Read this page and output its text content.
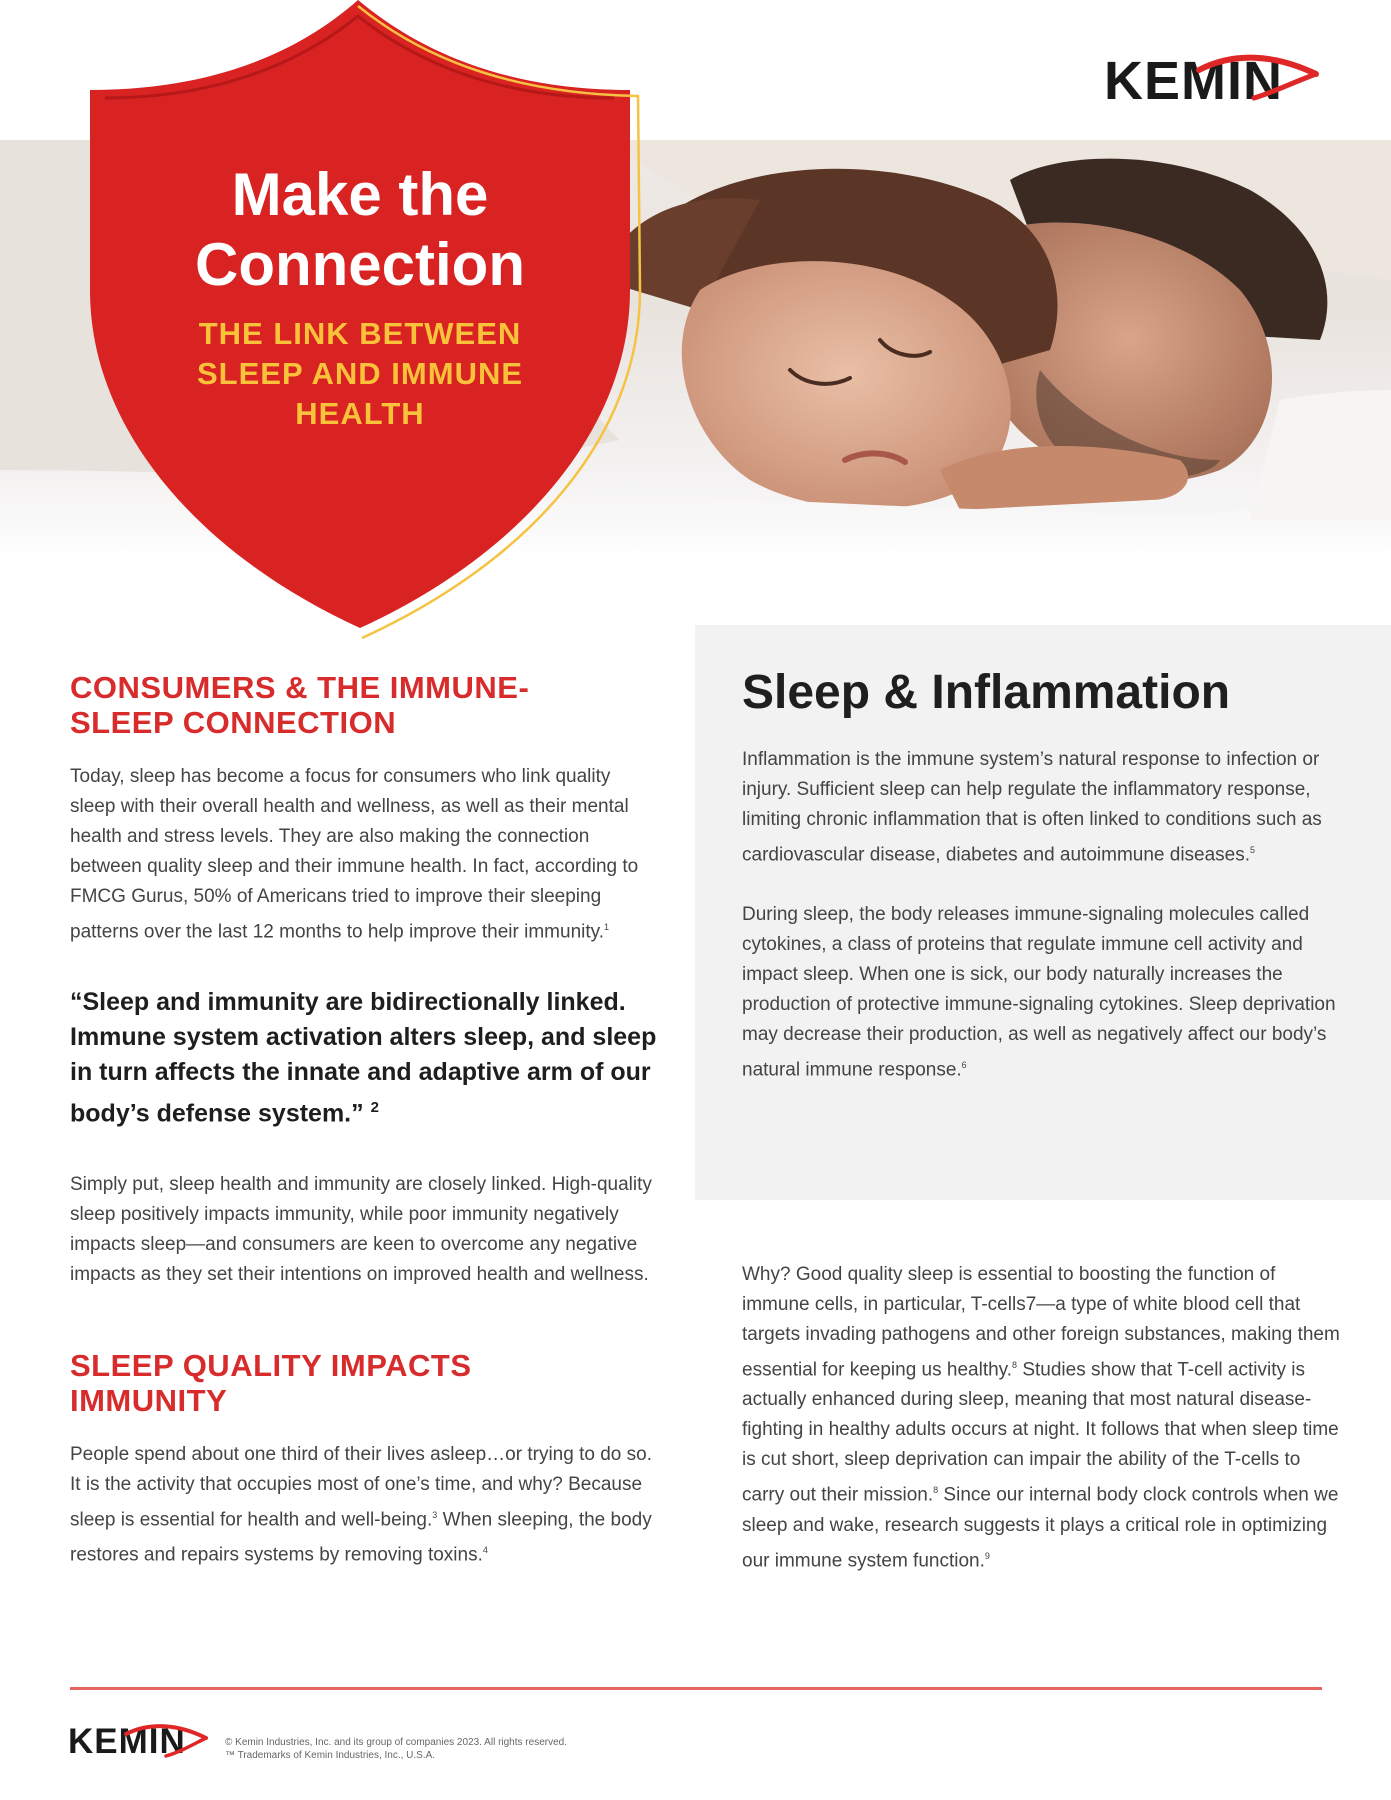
KEMIN

Make the
Connection

THE LINK BETWEEN
SLEEP AND IMMUNE
HEALTH

CONSUMERS & THE IMMUNE-
SLEEP CONNECTION

Today, sleep has become a focus for consumers who link quality sleep with their overall health and wellness, as well as their mental health and stress levels. They are also making the connection between quality sleep and their immune health. In fact, according to FMCG Gurus, 50% of Americans tried to improve their sleeping patterns over the last 12 months to help improve their immunity.$^1$

“Sleep and immunity are bidirectionally linked. Immune system activation alters sleep, and sleep in turn affects the innate and adaptive arm of our body’s defense system.” $^2$

Simply put, sleep health and immunity are closely linked. High-quality sleep positively impacts immunity, while poor immunity negatively impacts sleep—and consumers are keen to overcome any negative impacts as they set their intentions on improved health and wellness.

SLEEP QUALITY IMPACTS
IMMUNITY

People spend about one third of their lives asleep…or trying to do so. It is the activity that occupies most of one’s time, and why? Because sleep is essential for health and well-being.$^3$ When sleeping, the body restores and repairs systems by removing toxins.$^4$

Sleep & Inflammation

Inflammation is the immune system’s natural response to infection or injury. Sufficient sleep can help regulate the inflammatory response, limiting chronic inflammation that is often linked to conditions such as cardiovascular disease, diabetes and autoimmune diseases.$^5$

During sleep, the body releases immune-signaling molecules called cytokines, a class of proteins that regulate immune cell activity and impact sleep. When one is sick, our body naturally increases the production of protective immune-signaling cytokines. Sleep deprivation may decrease their production, as well as negatively affect our body’s natural immune response.$^6$

Why? Good quality sleep is essential to boosting the function of immune cells, in particular, T-cells7—a type of white blood cell that targets invading pathogens and other foreign substances, making them essential for keeping us healthy.$^8$ Studies show that T-cell activity is actually enhanced during sleep, meaning that most natural disease-fighting in healthy adults occurs at night. It follows that when sleep time is cut short, sleep deprivation can impair the ability of the T-cells to carry out their mission.$^8$ Since our internal body clock controls when we sleep and wake, research suggests it plays a critical role in optimizing our immune system function.$^9$

KEMIN	© Kemin Industries, Inc. and its group of companies 2023. All rights reserved.
™ Trademarks of Kemin Industries, Inc., U.S.A.
